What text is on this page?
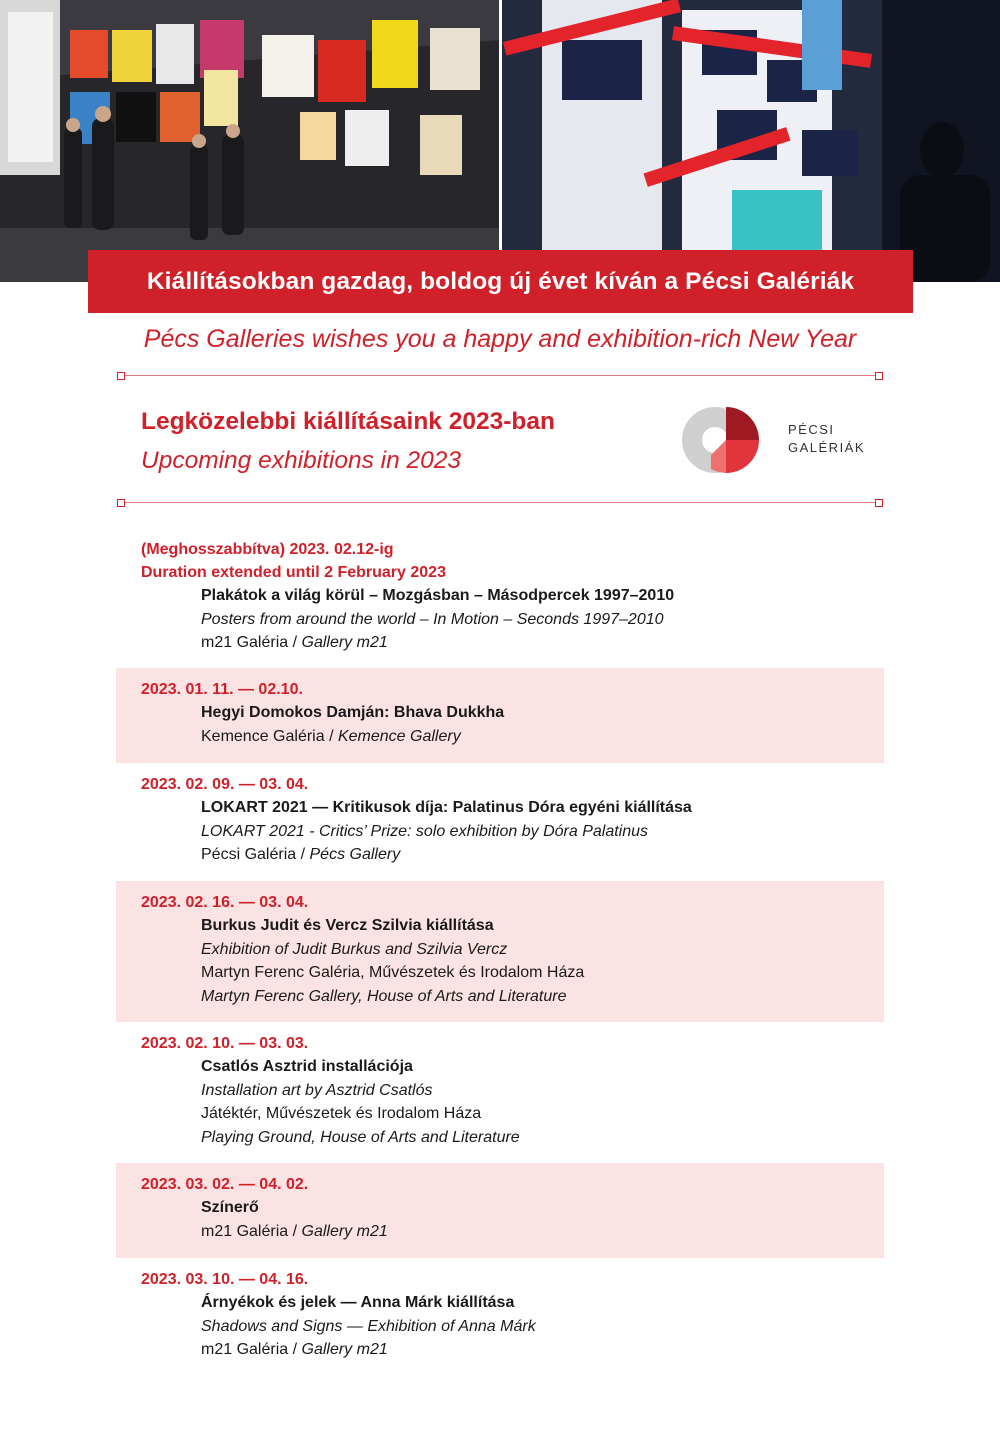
Kiállításokban gazdag, boldog új évet kíván a Pécsi Galériák
Pécs Galleries wishes you a happy and exhibition-rich New Year
Legközelebbi kiállításaink 2023-ban
Upcoming exhibitions in 2023
PÉCSI
GALÉRIÁK
(Meghosszabbítva) 2023. 02.12-ig
Duration extended until 2 February 2023
Plakátok a világ körül – Mozgásban – Másodpercek 1997–2010
Posters from around the world – In Motion – Seconds 1997–2010
m21 Galéria / Gallery m21
2023. 01. 11. — 02.10.
Hegyi Domokos Damján: Bhava Dukkha
Kemence Galéria / Kemence Gallery
2023. 02. 09. — 03. 04.
LOKART 2021 — Kritikusok díja: Palatinus Dóra egyéni kiállítása
LOKART 2021 - Critics’ Prize: solo exhibition by Dóra Palatinus
Pécsi Galéria / Pécs Gallery
2023. 02. 16. — 03. 04.
Burkus Judit és Vercz Szilvia kiállítása
Exhibition of Judit Burkus and Szilvia Vercz
Martyn Ferenc Galéria, Művészetek és Irodalom Háza
Martyn Ferenc Gallery, House of Arts and Literature
2023. 02. 10. — 03. 03.
Csatlós Asztrid installációja
Installation art by Asztrid Csatlós
Játéktér, Művészetek és Irodalom Háza
Playing Ground, House of Arts and Literature
2023. 03. 02. — 04. 02.
Színerő
m21 Galéria / Gallery m21
2023. 03. 10. — 04. 16.
Árnyékok és jelek — Anna Márk kiállítása
Shadows and Signs — Exhibition of Anna Márk
m21 Galéria / Gallery m21
